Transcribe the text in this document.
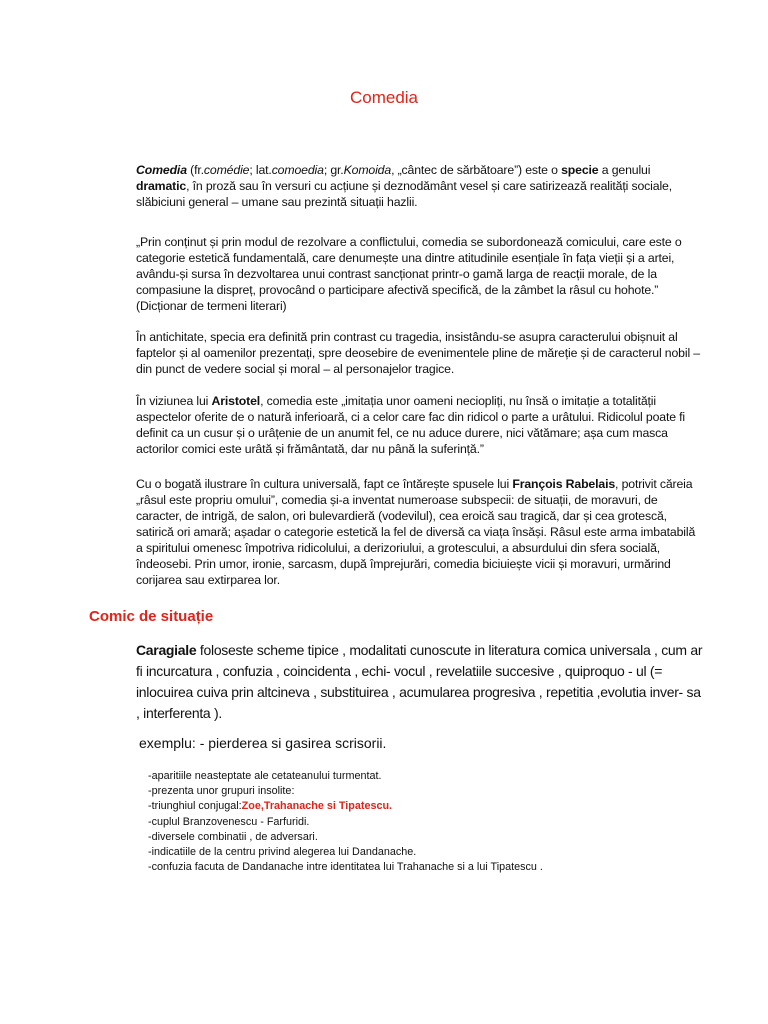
Comedia

Comedia (fr.comédie; lat.comoedia; gr.Komoida, „cântec de sărbătoare”) este o specie a genului dramatic, în proză sau în versuri cu acțiune și deznodământ vesel și care satirizează realități sociale, slăbiciuni general – umane sau prezintă situații hazlii.

„Prin conținut și prin modul de rezolvare a conflictului, comedia se subordonează comicului, care este o categorie estetică fundamentală, care denumește una dintre atitudinile esențiale în fața vieții și a artei, avându-și sursa în dezvoltarea unui contrast sancționat printr-o gamă larga de reacții morale, de la compasiune la dispreț, provocând o participare afectivă specifică, de la zâmbet la râsul cu hohote.” (Dicționar de termeni literari)

În antichitate, specia era definită prin contrast cu tragedia, insistându-se asupra caracterului obișnuit al faptelor și al oamenilor prezentați, spre deosebire de evenimentele pline de măreție și de caracterul nobil – din punct de vedere social și moral – al personajelor tragice.

În viziunea lui Aristotel, comedia este „imitația unor oameni neciopliți, nu însă o imitație a totalității aspectelor oferite de o natură inferioară, ci a celor care fac din ridicol o parte a urâtului. Ridicolul poate fi definit ca un cusur și o urâțenie de un anumit fel, ce nu aduce durere, nici vătămare; așa cum masca actorilor comici este urâtă și frământată, dar nu până la suferință.”

Cu o bogată ilustrare în cultura universală, fapt ce întărește spusele lui François Rabelais, potrivit căreia „râsul este propriu omului”, comedia și-a inventat numeroase subspecii: de situații, de moravuri, de caracter, de intrigă, de salon, ori bulevardieră (vodevilul), cea eroică sau tragică, dar și cea grotescă, satirică ori amară; așadar o categorie estetică la fel de diversă ca viața însăși. Râsul este arma imbatabilă a spiritului omenesc împotriva ridicolului, a derizoriului, a grotescului, a absurdului din sfera socială, îndeosebi. Prin umor, ironie, sarcasm, după împrejurări, comedia biciuiește vicii și moravuri, urmărind corijarea sau extirparea lor.

Comic de situație

Caragiale foloseste scheme tipice , modalitati cunoscute in literatura comica universala , cum ar fi incurcatura , confuzia , coincidenta , echi- vocul , revelatiile succesive , quiproquo - ul (= inlocuirea cuiva prin altcineva , substituirea , acumularea progresiva , repetitia ,evolutia inver- sa , interferenta ).

exemplu: - pierderea si gasirea scrisorii.

-aparitiile neasteptate ale cetateanului turmentat.
-prezenta unor grupuri insolite:
-triunghiul conjugal:Zoe,Trahanache si Tipatescu.
-cuplul Branzovenescu - Farfuridi.
-diversele combinatii , de adversari.
-indicatiile de la centru privind alegerea lui Dandanache.
-confuzia facuta de Dandanache intre identitatea lui Trahanache si a lui Tipatescu .
